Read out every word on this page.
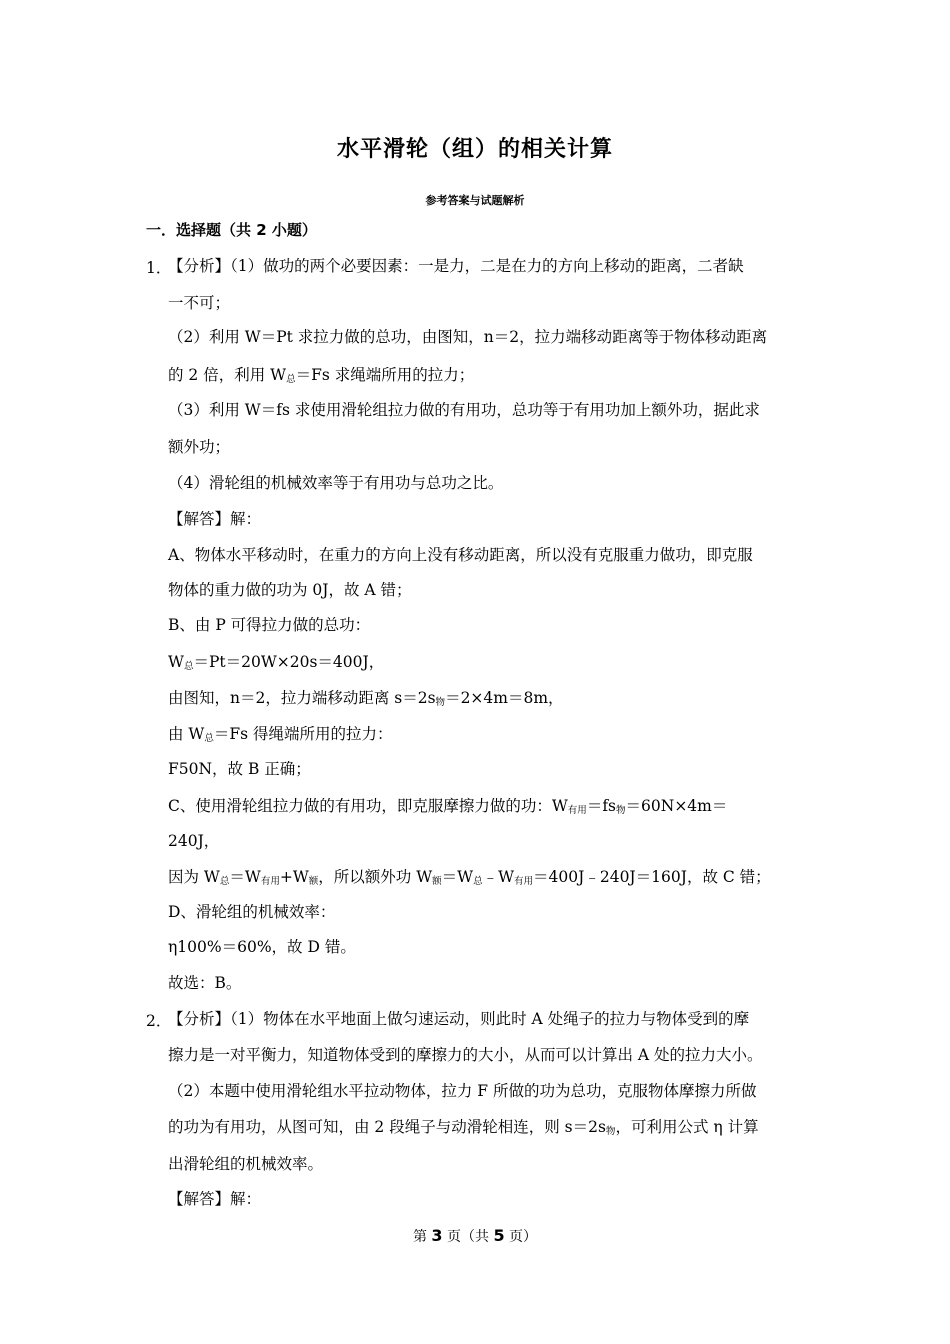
水平滑轮（组）的相关计算
参考答案与试题解析
一．选择题（共 2 小题）
1．
【分析】（1）做功的两个必要因素：一是力，二是在力的方向上移动的距离，二者缺
一不可；
（2）利用 W＝Pt 求拉力做的总功，由图知，n＝2，拉力端移动距离等于物体移动距离
的 2 倍，利用 $W_总=Fs$ 求绳端所用的拉力；
（3）利用 W＝fs 求使用滑轮组拉力做的有用功，总功等于有用功加上额外功，据此求
额外功；
（4）滑轮组的机械效率等于有用功与总功之比。
【解答】解：
A、物体水平移动时，在重力的方向上没有移动距离，所以没有克服重力做功，即克服
物体的重力做的功为 0J，故 A 错；
B、由 P 可得拉力做的总功：
$W_总=Pt=20W\times 20s=400J$，
由图知，n＝2，拉力端移动距离 $s=2s_物=2\times 4m=8m$，
由 $W_总=Fs$ 得绳端所用的拉力：
F50N，故 B 正确；
C、使用滑轮组拉力做的有用功，即克服摩擦力做的功：$W_{有用}=fs_物=60N\times 4m=$
240J，
因为 $W_总=W_{有用}+W_额$，所以额外功 $W_额=W_总﹣W_{有用}=400J﹣240J=160J$，故 C 错；
D、滑轮组的机械效率：
η100%＝60%，故 D 错。
故选：B。
2．
【分析】（1）物体在水平地面上做匀速运动，则此时 A 处绳子的拉力与物体受到的摩
擦力是一对平衡力，知道物体受到的摩擦力的大小，从而可以计算出 A 处的拉力大小。
（2）本题中使用滑轮组水平拉动物体，拉力 F 所做的功为总功，克服物体摩擦力所做
的功为有用功，从图可知，由 2 段绳子与动滑轮相连，则 $s=2s_物$，可利用公式 η 计算
出滑轮组的机械效率。
【解答】解：
第 3 页（共 5 页）
